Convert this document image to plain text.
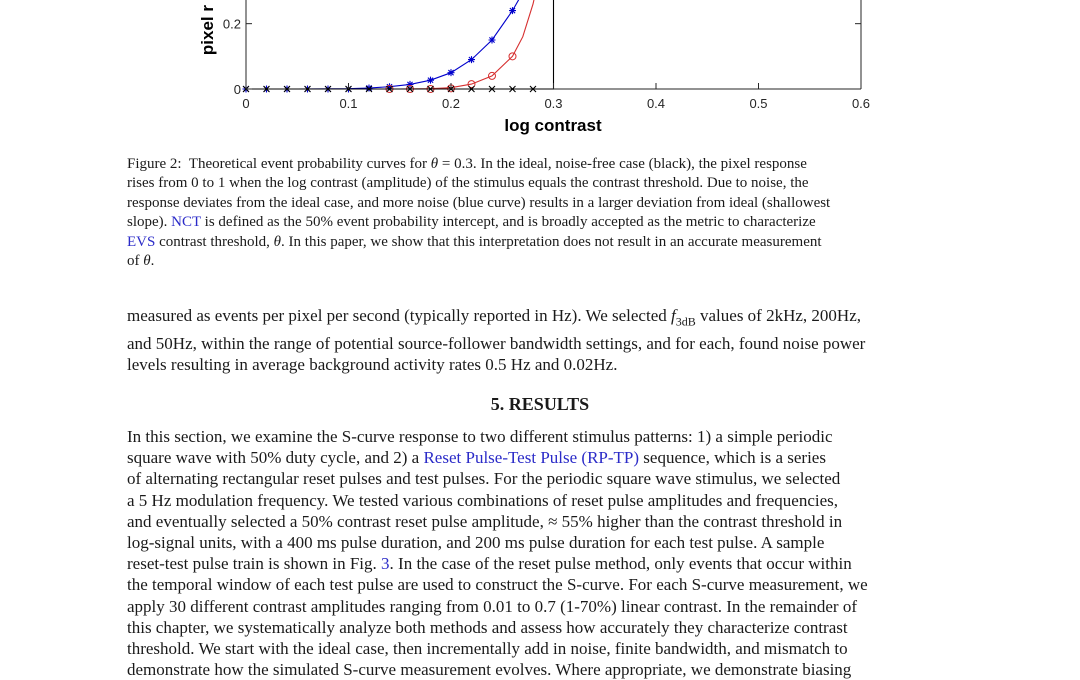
0	0.1	0.2	0.3	0.4	0.5	0.6
0
0.2
log contrast
pixel r
Figure 2:  Theoretical event probability curves for θ = 0.3. In the ideal, noise-free case (black), the pixel response
rises from 0 to 1 when the log contrast (amplitude) of the stimulus equals the contrast threshold. Due to noise, the
response deviates from the ideal case, and more noise (blue curve) results in a larger deviation from ideal (shallowest
slope). NCT is defined as the 50% event probability intercept, and is broadly accepted as the metric to characterize
EVS contrast threshold, θ. In this paper, we show that this interpretation does not result in an accurate measurement
of θ.
measured as events per pixel per second (typically reported in Hz). We selected $f_{3dB}$ values of 2kHz, 200Hz,
and 50Hz, within the range of potential source-follower bandwidth settings, and for each, found noise power
levels resulting in average background activity rates 0.5 Hz and 0.02Hz.
5. RESULTS
In this section, we examine the S-curve response to two different stimulus patterns: 1) a simple periodic
square wave with 50% duty cycle, and 2) a Reset Pulse-Test Pulse (RP-TP) sequence, which is a series
of alternating rectangular reset pulses and test pulses. For the periodic square wave stimulus, we selected
a 5 Hz modulation frequency. We tested various combinations of reset pulse amplitudes and frequencies,
and eventually selected a 50% contrast reset pulse amplitude, ≈ 55% higher than the contrast threshold in
log-signal units, with a 400 ms pulse duration, and 200 ms pulse duration for each test pulse. A sample
reset-test pulse train is shown in Fig. 3. In the case of the reset pulse method, only events that occur within
the temporal window of each test pulse are used to construct the S-curve. For each S-curve measurement, we
apply 30 different contrast amplitudes ranging from 0.01 to 0.7 (1-70%) linear contrast. In the remainder of
this chapter, we systematically analyze both methods and assess how accurately they characterize contrast
threshold. We start with the ideal case, then incrementally add in noise, finite bandwidth, and mismatch to
demonstrate how the simulated S-curve measurement evolves. Where appropriate, we demonstrate biasing
